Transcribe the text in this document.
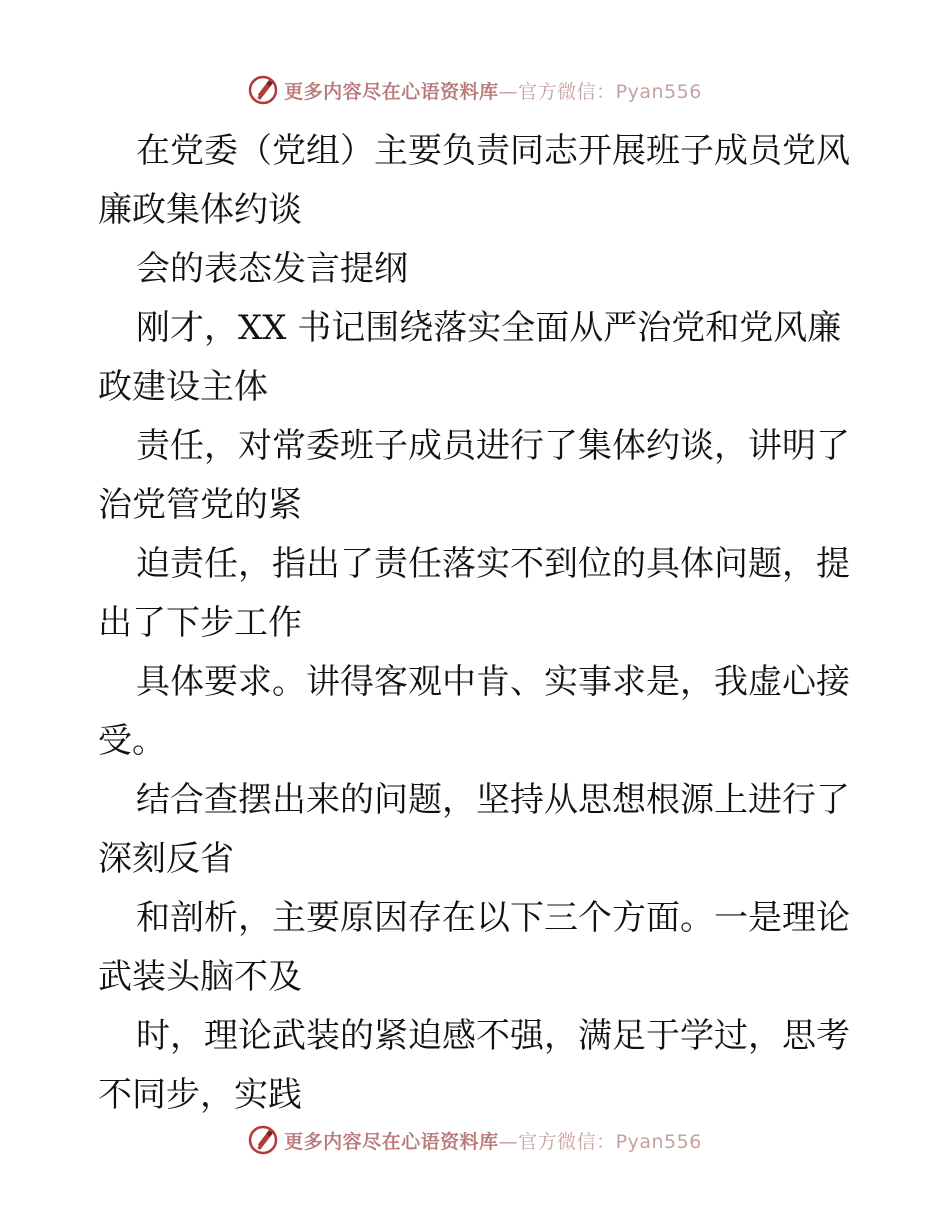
更多内容尽在心语资料库—官方微信：Pyan556
在党委（党组）主要负责同志开展班子成员党风
廉政集体约谈
会的表态发言提纲
刚才，XX 书记围绕落实全面从严治党和党风廉
政建设主体
责任，对常委班子成员进行了集体约谈，讲明了
治党管党的紧
迫责任，指出了责任落实不到位的具体问题，提
出了下步工作
具体要求。讲得客观中肯、实事求是，我虚心接
受。
结合查摆出来的问题，坚持从思想根源上进行了
深刻反省
和剖析，主要原因存在以下三个方面。一是理论
武装头脑不及
时，理论武装的紧迫感不强，满足于学过，思考
不同步，实践
更多内容尽在心语资料库—官方微信：Pyan556
